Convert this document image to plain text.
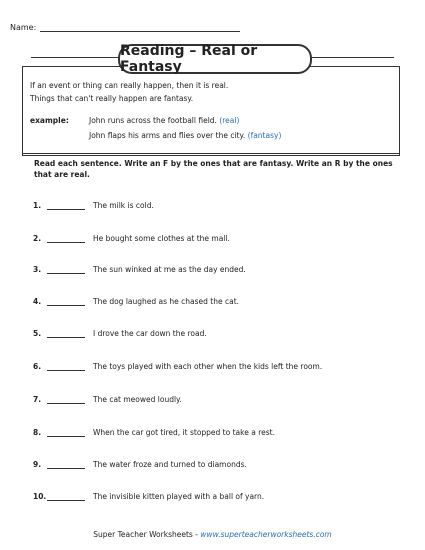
Name:
Reading – Real or Fantasy
If an event or thing can really happen, then it is real.
Things that can't really happen are fantasy.
example:	John runs across the football field. (real)
John flaps his arms and flies over the city. (fantasy)
Read each sentence. Write an F by the ones that are fantasy. Write an R by the ones that are real.
1.	The milk is cold.
2.	He bought some clothes at the mall.
3.	The sun winked at me as the day ended.
4.	The dog laughed as he chased the cat.
5.	I drove the car down the road.
6.	The toys played with each other when the kids left the room.
7.	The cat meowed loudly.
8.	When the car got tired, it stopped to take a rest.
9.	The water froze and turned to diamonds.
10.	The invisible kitten played with a ball of yarn.
Super Teacher Worksheets - www.superteacherworksheets.com
